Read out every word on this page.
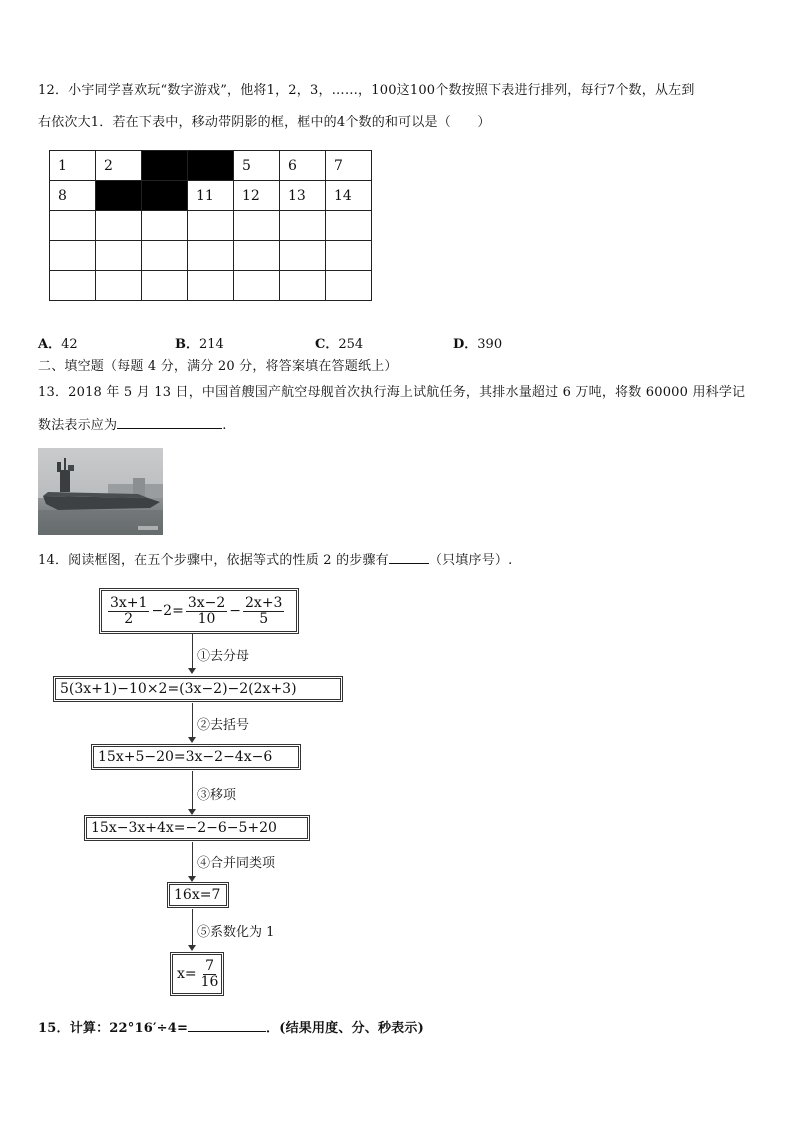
12．小宇同学喜欢玩“数字游戏”，他将1，2，3，……，100这100个数按照下表进行排列，每行7个数，从左到
右依次大1．若在下表中，移动带阴影的框，框中的4个数的和可以是（　　）
1	2			5	6	7
8			11	12	13	14

A．42	B．214	C．254	D．390
二、填空题（每题 4 分，满分 20 分，将答案填在答题纸上）
13．2018 年 5 月 13 日，中国首艘国产航空母舰首次执行海上试航任务，其排水量超过 6 万吨，将数 60000 用科学记
数法表示应为	.
14．阅读框图，在五个步骤中，依据等式的性质 2 的步骤有	（只填序号）.
$\frac{3x+1}{2} -2= \frac{3x-2}{10} - \frac{2x+3}{5}$
①去分母
5(3x+1)−10×2=(3x−2)−2(2x+3)
②去括号
15x+5−20=3x−2−4x−6
③移项
15x−3x+4x=−2−6−5+20
④合并同类项
16x=7
⑤系数化为 1
$x= \frac{7}{16}$
15．计算：22°16′÷4=	．(结果用度、分、秒表示)
